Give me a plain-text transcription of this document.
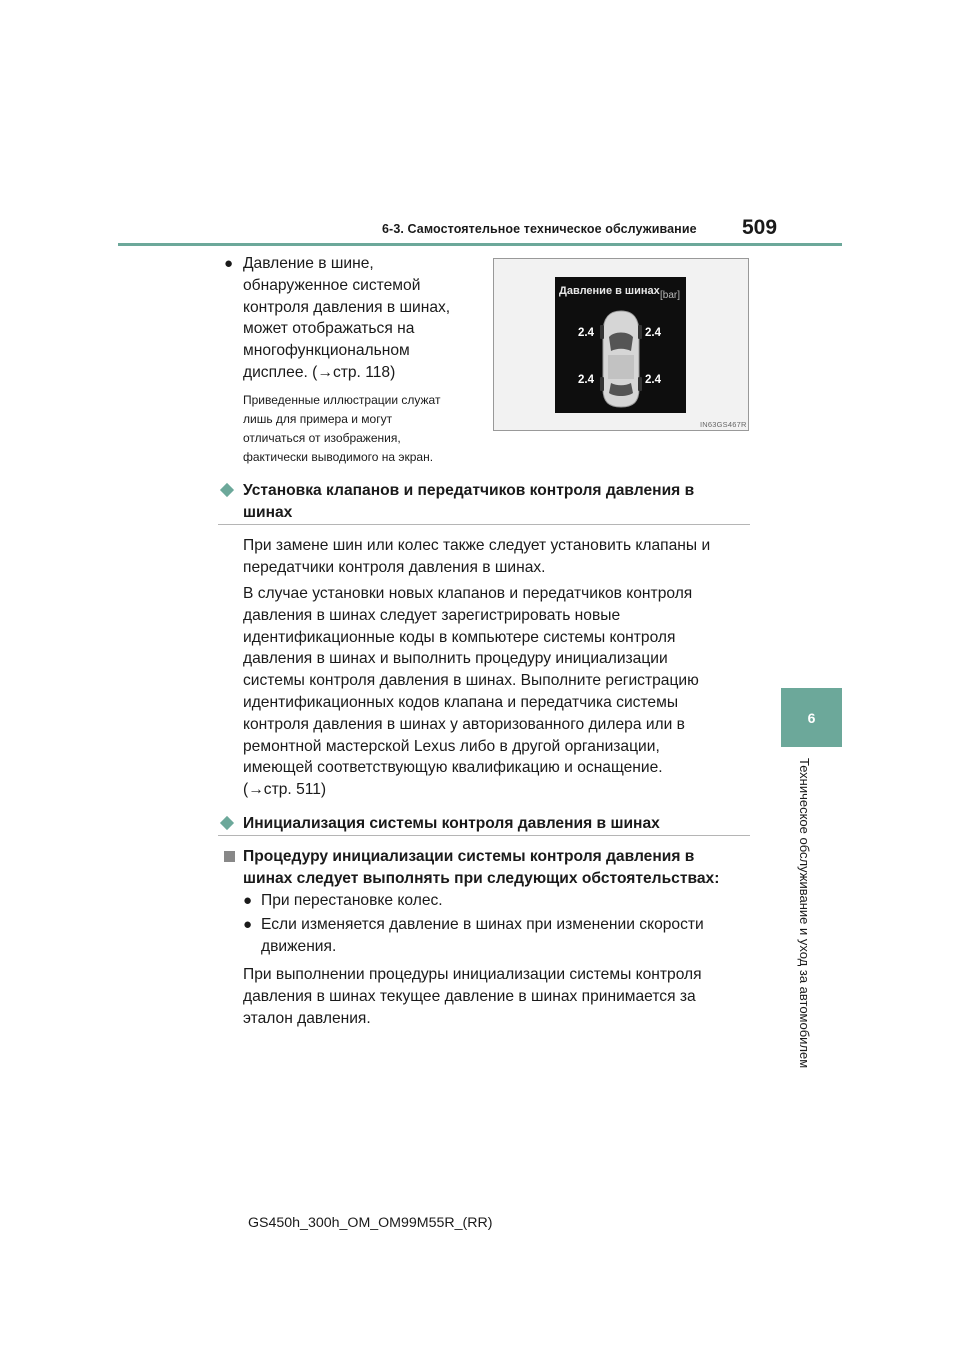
6-3. Самостоятельное техническое обслуживание 509
6
Техническое обслуживание и уход за автомобилем
● Давление в шине,
обнаруженное системой
контроля давления в шинах,
может отображаться на
многофункциональном
дисплее. (→стр. 118)
Приведенные иллюстрации служат
лишь для примера и могут
отличаться от изображения,
фактически выводимого на экран.
Давление в шинах [bar]
2.4	2.4
2.4	2.4
IN63GS467R
Установка клапанов и передатчиков контроля давления в
шинах
При замене шин или колес также следует установить клапаны и
передатчики контроля давления в шинах.
В случае установки новых клапанов и передатчиков контроля
давления в шинах следует зарегистрировать новые
идентификационные коды в компьютере системы контроля
давления в шинах и выполнить процедуру инициализации
системы контроля давления в шинах. Выполните регистрацию
идентификационных кодов клапана и передатчика системы
контроля давления в шинах у авторизованного дилера или в
ремонтной мастерской Lexus либо в другой организации,
имеющей соответствующую квалификацию и оснащение.
(→стр. 511)
Инициализация системы контроля давления в шинах
Процедуру инициализации системы контроля давления в
шинах следует выполнять при следующих обстоятельствах:
● При перестановке колес.
● Если изменяется давление в шинах при изменении скорости
движения.
При выполнении процедуры инициализации системы контроля
давления в шинах текущее давление в шинах принимается за
эталон давления.
GS450h_300h_OM_OM99M55R_(RR)
